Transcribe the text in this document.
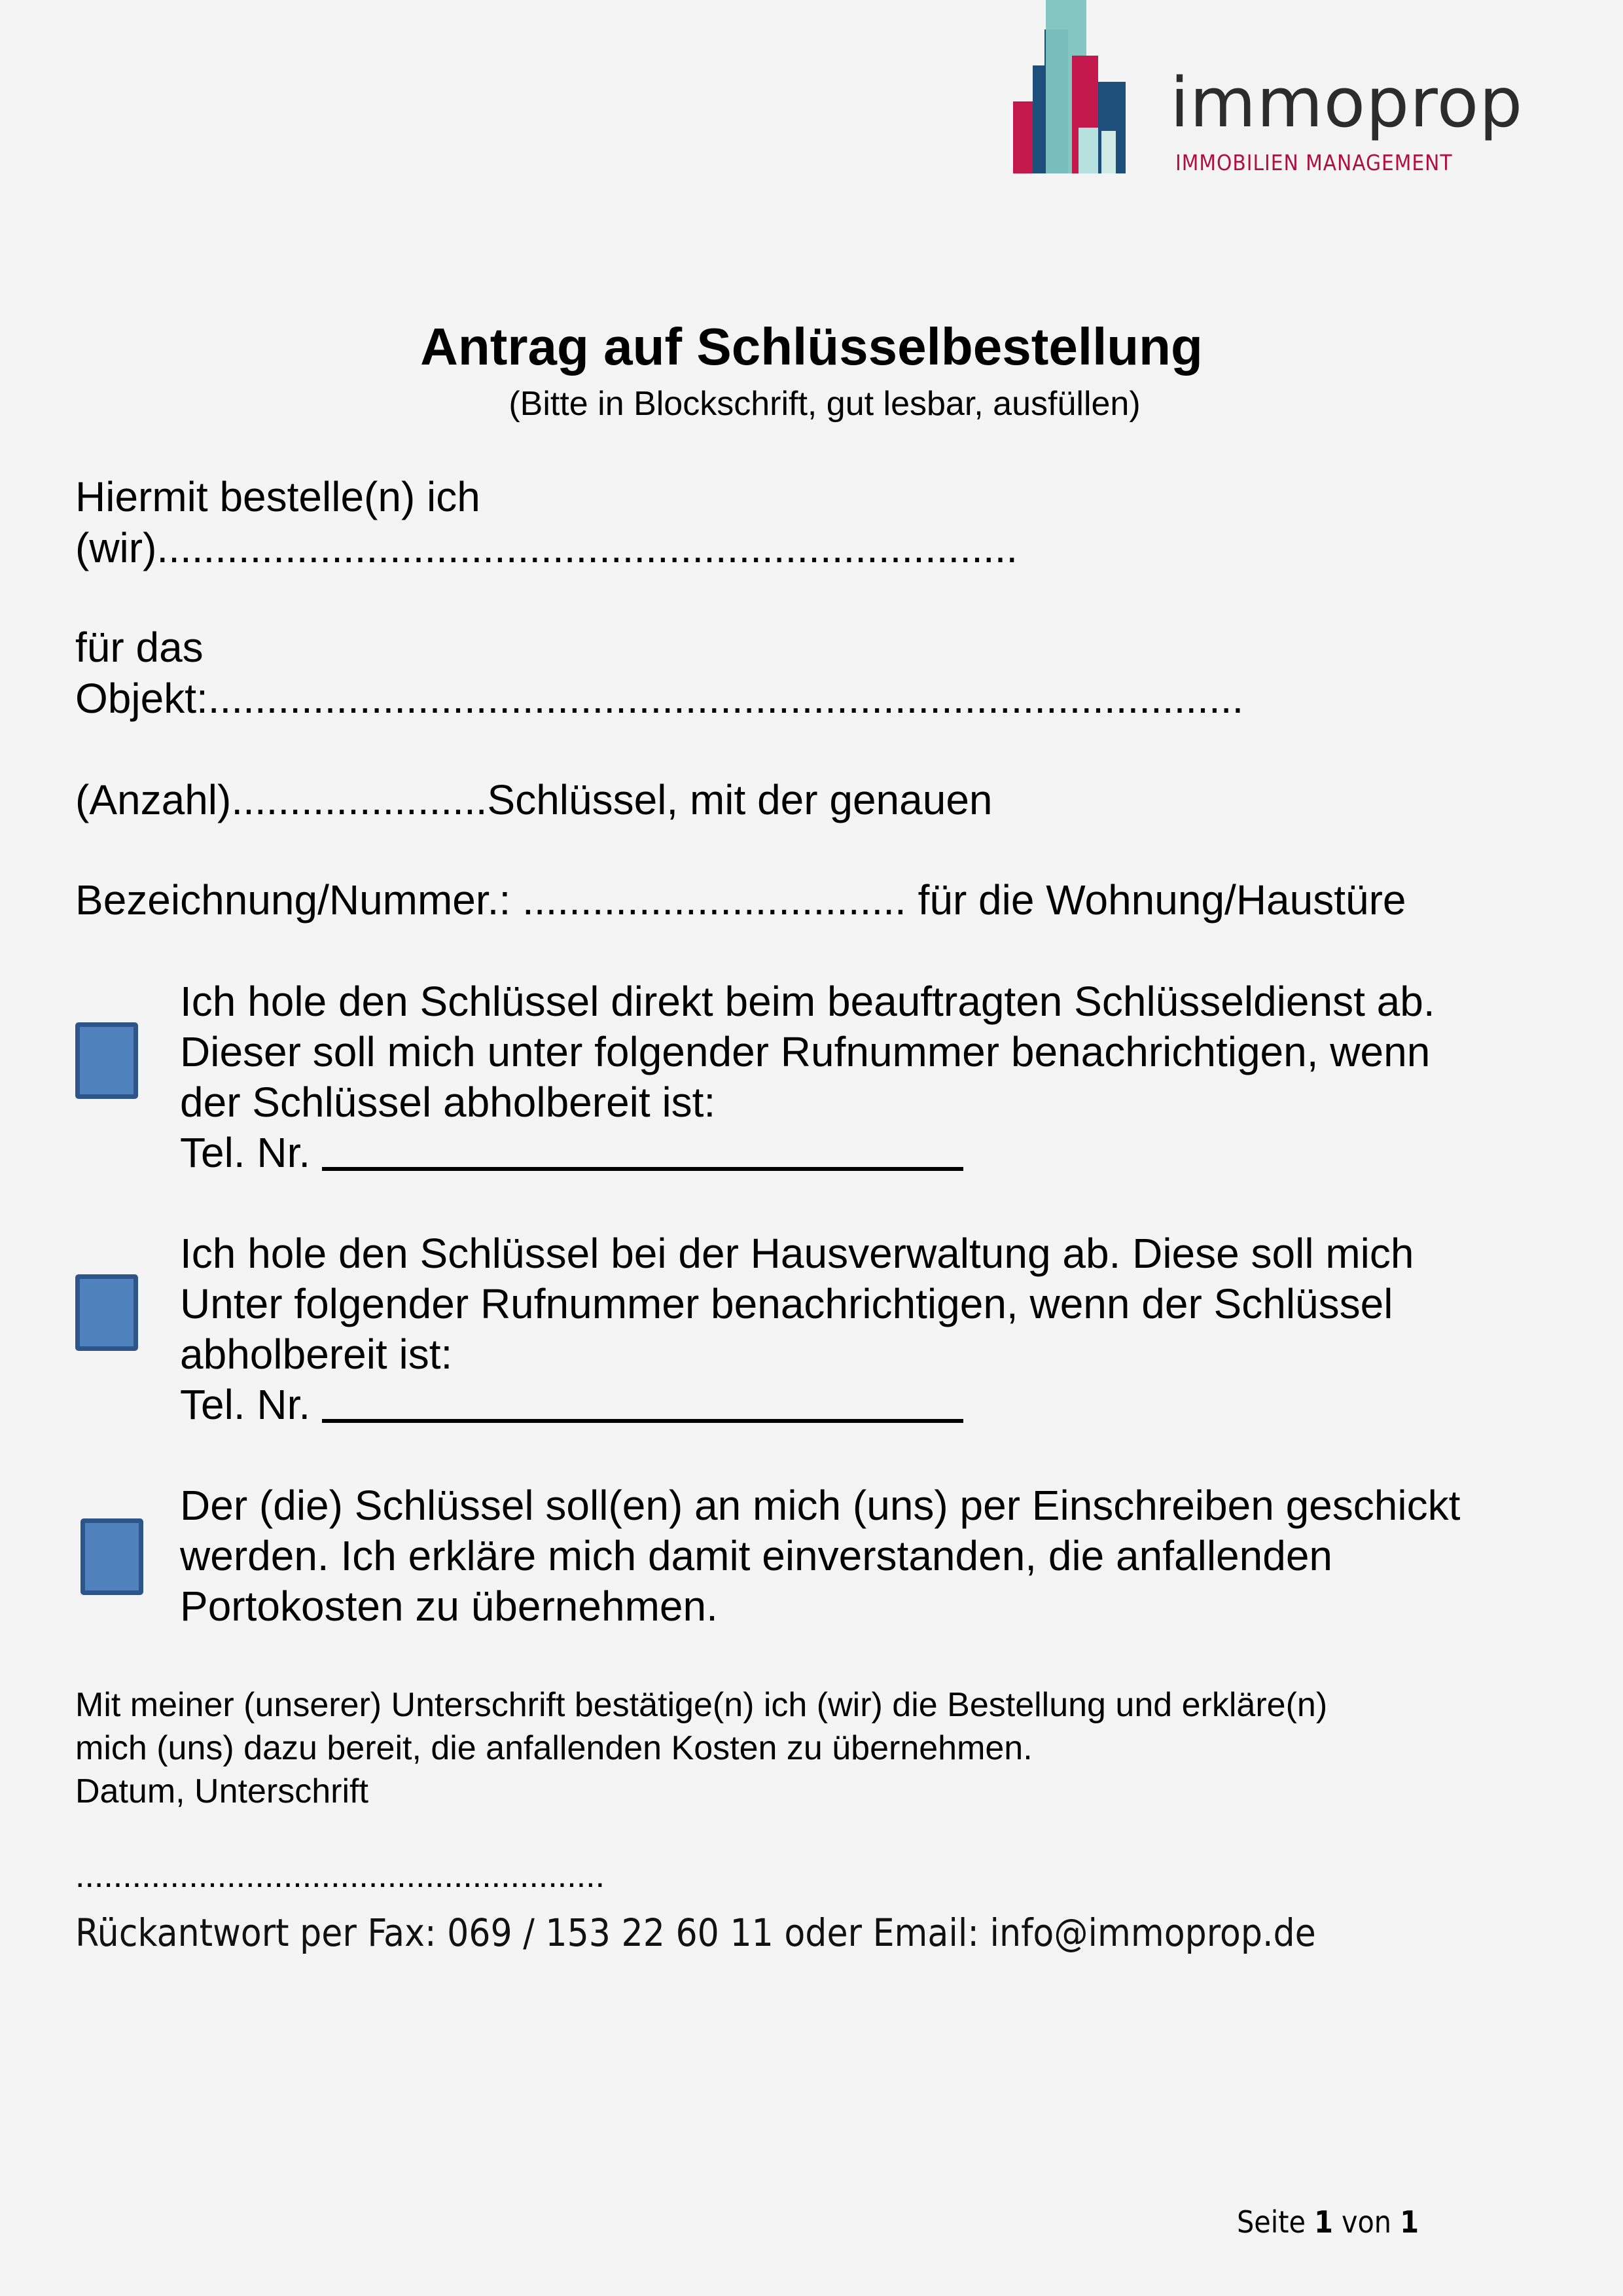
immoprop
IMMOBILIEN MANAGEMENT
Antrag auf Schlüsselbestellung
(Bitte in Blockschrift, gut lesbar, ausfüllen)
Hiermit bestelle(n) ich
(wir)..........................................................................
für das
Objekt:.........................................................................................
(Anzahl)......................Schlüssel, mit der genauen
Bezeichnung/Nummer.: ................................. für die Wohnung/Haustüre
Ich hole den Schlüssel direkt beim beauftragten Schlüsseldienst ab.
Dieser soll mich unter folgender Rufnummer benachrichtigen, wenn
der Schlüssel abholbereit ist:
Tel. Nr.
Ich hole den Schlüssel bei der Hausverwaltung ab. Diese soll mich
Unter folgender Rufnummer benachrichtigen, wenn der Schlüssel
abholbereit ist:
Tel. Nr.
Der (die) Schlüssel soll(en) an mich (uns) per Einschreiben geschickt
werden. Ich erkläre mich damit einverstanden, die anfallenden
Portokosten zu übernehmen.
Mit meiner (unserer) Unterschrift bestätige(n) ich (wir) die Bestellung und erkläre(n)
mich (uns) dazu bereit, die anfallenden Kosten zu übernehmen.
Datum, Unterschrift
........................................................
Rückantwort per Fax: 069 / 153 22 60 11 oder Email: info@immoprop.de
Seite 1 von 1
